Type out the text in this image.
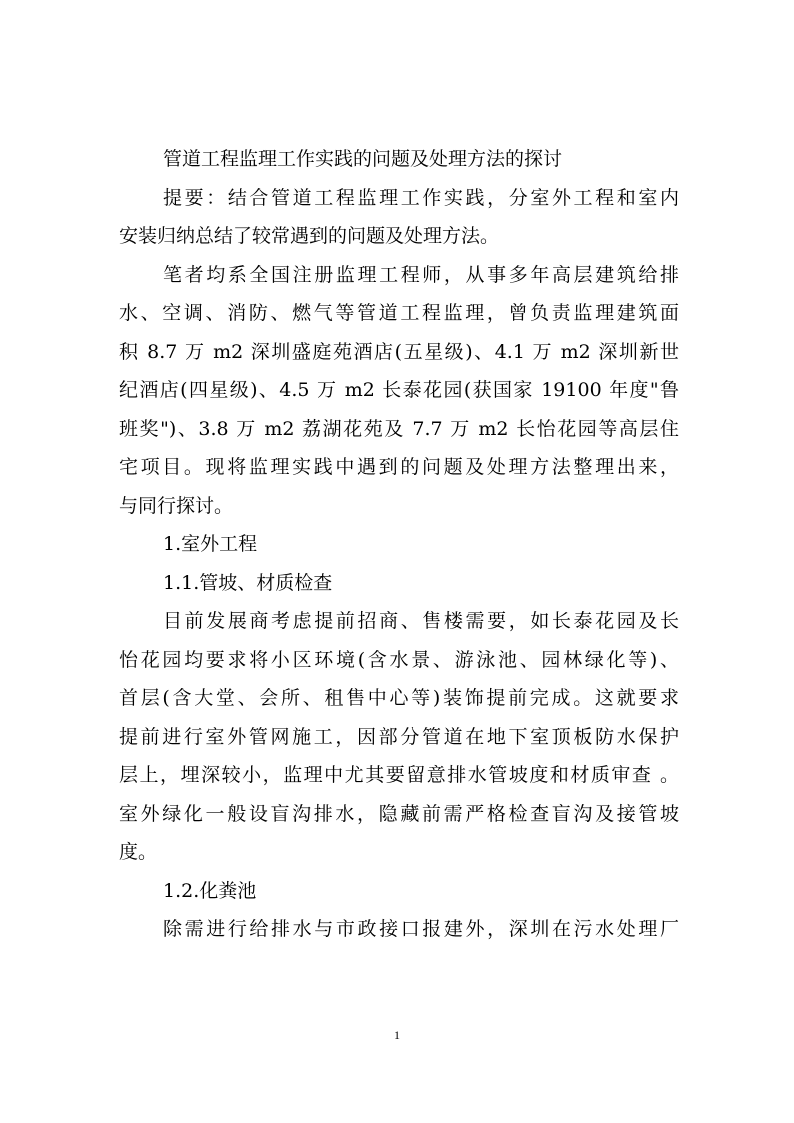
管道工程监理工作实践的问题及处理方法的探讨
提要：结合管道工程监理工作实践，分室外工程和室内
安装归纳总结了较常遇到的问题及处理方法。
笔者均系全国注册监理工程师，从事多年高层建筑给排
水、空调、消防、燃气等管道工程监理，曾负责监理建筑面
积 8.7 万 m2 深圳盛庭苑酒店(五星级)、4.1 万 m2 深圳新世
纪酒店(四星级)、4.5 万 m2 长泰花园(获国家 19100 年度"鲁
班奖")、3.8 万 m2 荔湖花苑及 7.7 万 m2 长怡花园等高层住
宅项目。现将监理实践中遇到的问题及处理方法整理出来，
与同行探讨。
1.室外工程
1.1.管坡、材质检查
目前发展商考虑提前招商、售楼需要，如长泰花园及长
怡花园均要求将小区环境(含水景、游泳池、园林绿化等)、
首层(含大堂、会所、租售中心等)装饰提前完成。这就要求
提前进行室外管网施工，因部分管道在地下室顶板防水保护
层上，埋深较小，监理中尤其要留意排水管坡度和材质审查 。
室外绿化一般设盲沟排水，隐藏前需严格检查盲沟及接管坡
度。
1.2.化粪池
除需进行给排水与市政接口报建外，深圳在污水处理厂
1
